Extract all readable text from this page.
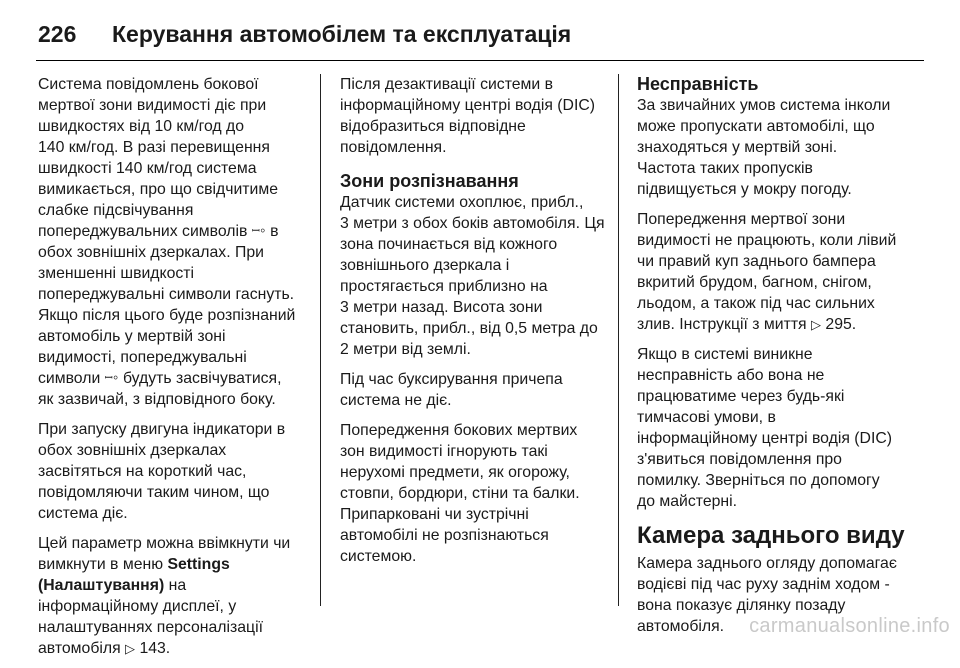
226	Керування автомобілем та експлуатація

Система повідомлень бокової
мертвої зони видимості діє при
швидкостях від 10 км/год до
140 км/год. В разі перевищення
швидкості 140 км/год система
вимикається, про що свідчитиме
слабке підсвічування
попереджувальних символів ꟷ⸰ в
обох зовнішніх дзеркалах. При
зменшенні швидкості
попереджувальні символи гаснуть.
Якщо після цього буде розпізнаний
автомобіль у мертвій зоні
видимості, попереджувальні
символи ꟷ⸰ будуть засвічуватися,
як зазвичай, з відповідного боку.

При запуску двигуна індикатори в
обох зовнішніх дзеркалах
засвітяться на короткий час,
повідомляючи таким чином, що
система діє.

Цей параметр можна ввімкнути чи
вимкнути в меню Settings
(Налаштування) на
інформаційному дисплеї, у
налаштуваннях персоналізації
автомобіля ▷ 143.

Після дезактивації системи в
інформаційному центрі водія (DIC)
відобразиться відповідне
повідомлення.

Зони розпізнавання

Датчик системи охоплює, прибл.,
3 метри з обох боків автомобіля. Ця
зона починається від кожного
зовнішнього дзеркала і
простягається приблизно на
3 метри назад. Висота зони
становить, прибл., від 0,5 метра до
2 метри від землі.

Під час буксирування причепа
система не діє.

Попередження бокових мертвих
зон видимості ігнорують такі
нерухомі предмети, як огорожу,
стовпи, бордюри, стіни та балки.
Припарковані чи зустрічні
автомобілі не розпізнаються
системою.

Несправність

За звичайних умов система інколи
може пропускати автомобілі, що
знаходяться у мертвій зоні.
Частота таких пропусків
підвищується у мокру погоду.

Попередження мертвої зони
видимості не працюють, коли лівий
чи правий куп заднього бампера
вкритий брудом, багном, снігом,
льодом, а також під час сильних
злив. Інструкції з миття ▷ 295.

Якщо в системі виникне
несправність або вона не
працюватиме через будь-які
тимчасові умови, в
інформаційному центрі водія (DIC)
з'явиться повідомлення про
помилку. Зверніться по допомогу
до майстерні.

Камера заднього виду

Камера заднього огляду допомагає
водієві під час руху заднім ходом -
вона показує ділянку позаду
автомобіля.	carmanualsonline.info
